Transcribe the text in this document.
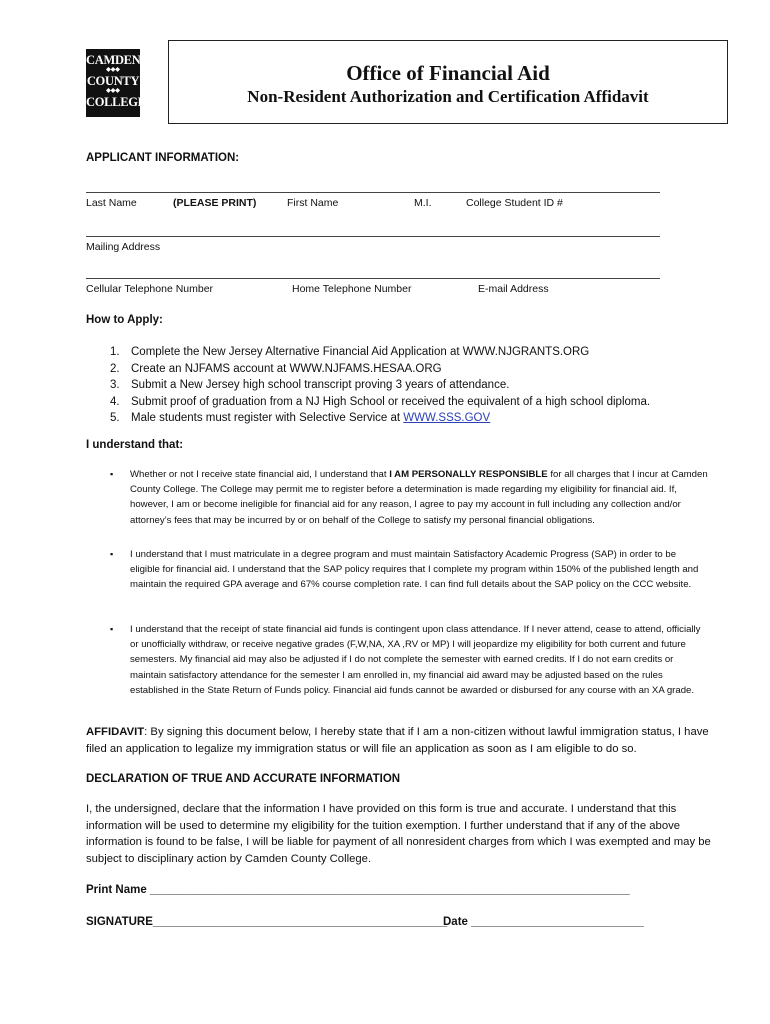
CAMDEN
◆◆◆
COUNTY
◆◆◆
COLLEGE
Office of Financial Aid
Non-Resident Authorization and Certification Affidavit
APPLICANT INFORMATION:
Last Name	(PLEASE PRINT)	First Name	M.I.	College Student ID #
Mailing Address
Cellular Telephone Number	Home Telephone Number	E-mail Address
How to Apply:
1. Complete the New Jersey Alternative Financial Aid Application at WWW.NJGRANTS.ORG
2. Create an NJFAMS account at WWW.NJFAMS.HESAA.ORG
3. Submit a New Jersey high school transcript proving 3 years of attendance.
4. Submit proof of graduation from a NJ High School or received the equivalent of a high school diploma.
5. Male students must register with Selective Service at WWW.SSS.GOV
I understand that:
▪ Whether or not I receive state financial aid, I understand that I AM PERSONALLY RESPONSIBLE for all charges that I incur at Camden County College. The College may permit me to register before a determination is made regarding my eligibility for financial aid. If, however, I am or become ineligible for financial aid for any reason, I agree to pay my account in full including any collection and/or attorney’s fees that may be incurred by or on behalf of the College to satisfy my personal financial obligations.
▪ I understand that I must matriculate in a degree program and must maintain Satisfactory Academic Progress (SAP) in order to be eligible for financial aid. I understand that the SAP policy requires that I complete my program within 150% of the published length and maintain the required GPA average and 67% course completion rate. I can find full details about the SAP policy on the CCC website.
▪ I understand that the receipt of state financial aid funds is contingent upon class attendance. If I never attend, cease to attend, officially or unofficially withdraw, or receive negative grades (F,W,NA, XA ,RV or MP) I will jeopardize my eligibility for both current and future semesters. My financial aid may also be adjusted if I do not complete the semester with earned credits. If I do not earn credits or maintain satisfactory attendance for the semester I am enrolled in, my financial aid award may be adjusted based on the rules established in the State Return of Funds policy. Financial aid funds cannot be awarded or disbursed for any course with an XA grade.
AFFIDAVIT: By signing this document below, I hereby state that if I am a non-citizen without lawful immigration status, I have filed an application to legalize my immigration status or will file an application as soon as I am eligible to do so.
DECLARATION OF TRUE AND ACCURATE INFORMATION
I, the undersigned, declare that the information I have provided on this form is true and accurate. I understand that this information will be used to determine my eligibility for the tuition exemption. I further understand that if any of the above information is found to be false, I will be liable for payment of all nonresident charges from which I was exempted and may be subject to disciplinary action by Camden County College.
Print Name ___________________________________________________________________________
SIGNATURE______________________________________________
Date ___________________________
